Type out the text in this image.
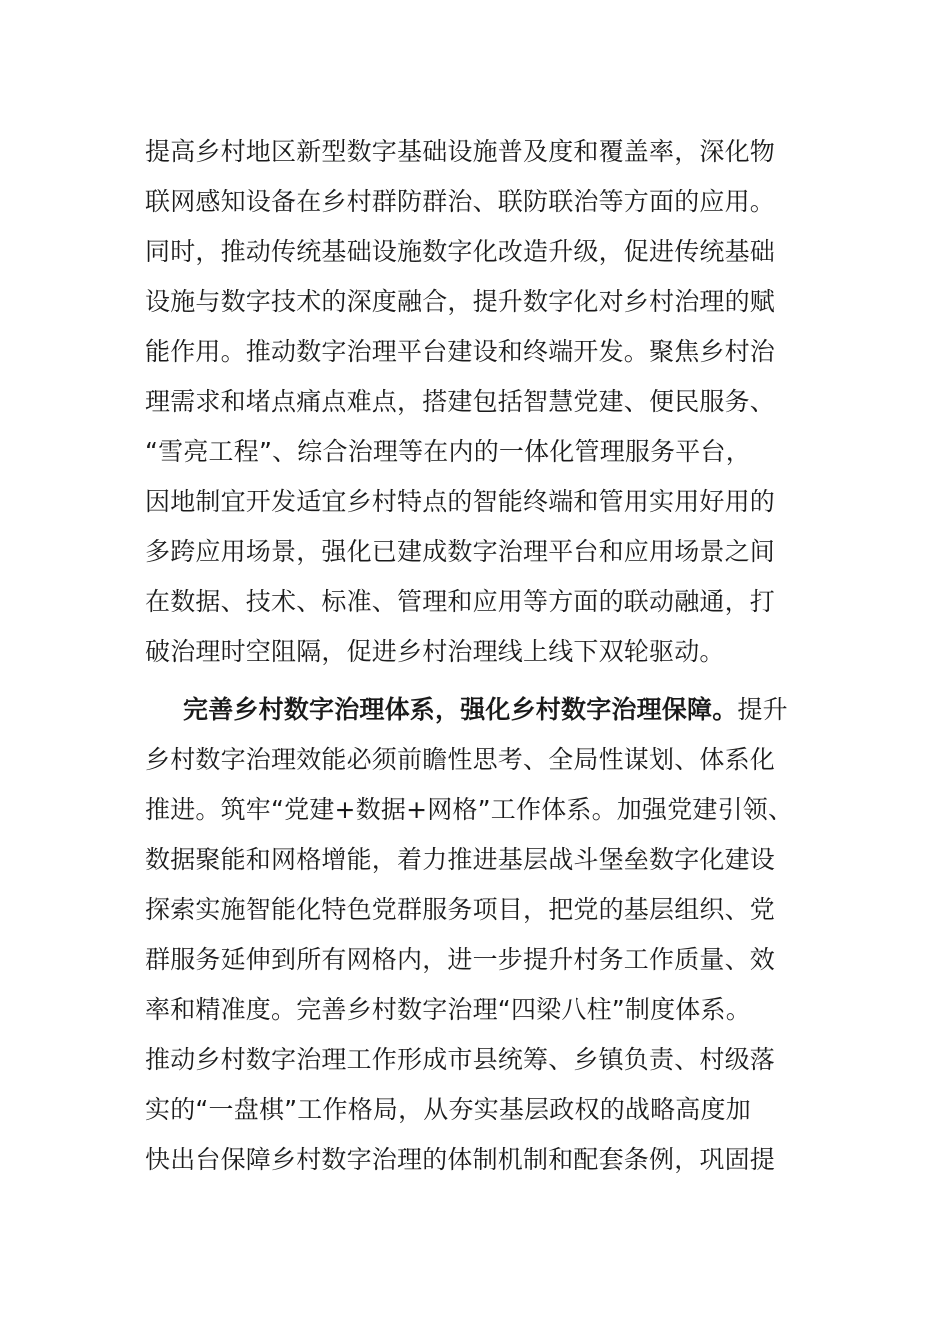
提高乡村地区新型数字基础设施普及度和覆盖率，深化物
联网感知设备在乡村群防群治、联防联治等方面的应用。
同时，推动传统基础设施数字化改造升级，促进传统基础
设施与数字技术的深度融合，提升数字化对乡村治理的赋
能作用。推动数字治理平台建设和终端开发。聚焦乡村治
理需求和堵点痛点难点，搭建包括智慧党建、便民服务、
“雪亮工程”、综合治理等在内的一体化管理服务平台，
因地制宜开发适宜乡村特点的智能终端和管用实用好用的
多跨应用场景，强化已建成数字治理平台和应用场景之间
在数据、技术、标准、管理和应用等方面的联动融通，打
破治理时空阻隔，促进乡村治理线上线下双轮驱动。
完善乡村数字治理体系，强化乡村数字治理保障。提升
乡村数字治理效能必须前瞻性思考、全局性谋划、体系化
推进。筑牢“党建+数据+网格”工作体系。加强党建引领、
数据聚能和网格增能，着力推进基层战斗堡垒数字化建设
探索实施智能化特色党群服务项目，把党的基层组织、党
群服务延伸到所有网格内，进一步提升村务工作质量、效
率和精准度。完善乡村数字治理“四梁八柱”制度体系。
推动乡村数字治理工作形成市县统筹、乡镇负责、村级落
实的“一盘棋”工作格局，从夯实基层政权的战略高度加
快出台保障乡村数字治理的体制机制和配套条例，巩固提
